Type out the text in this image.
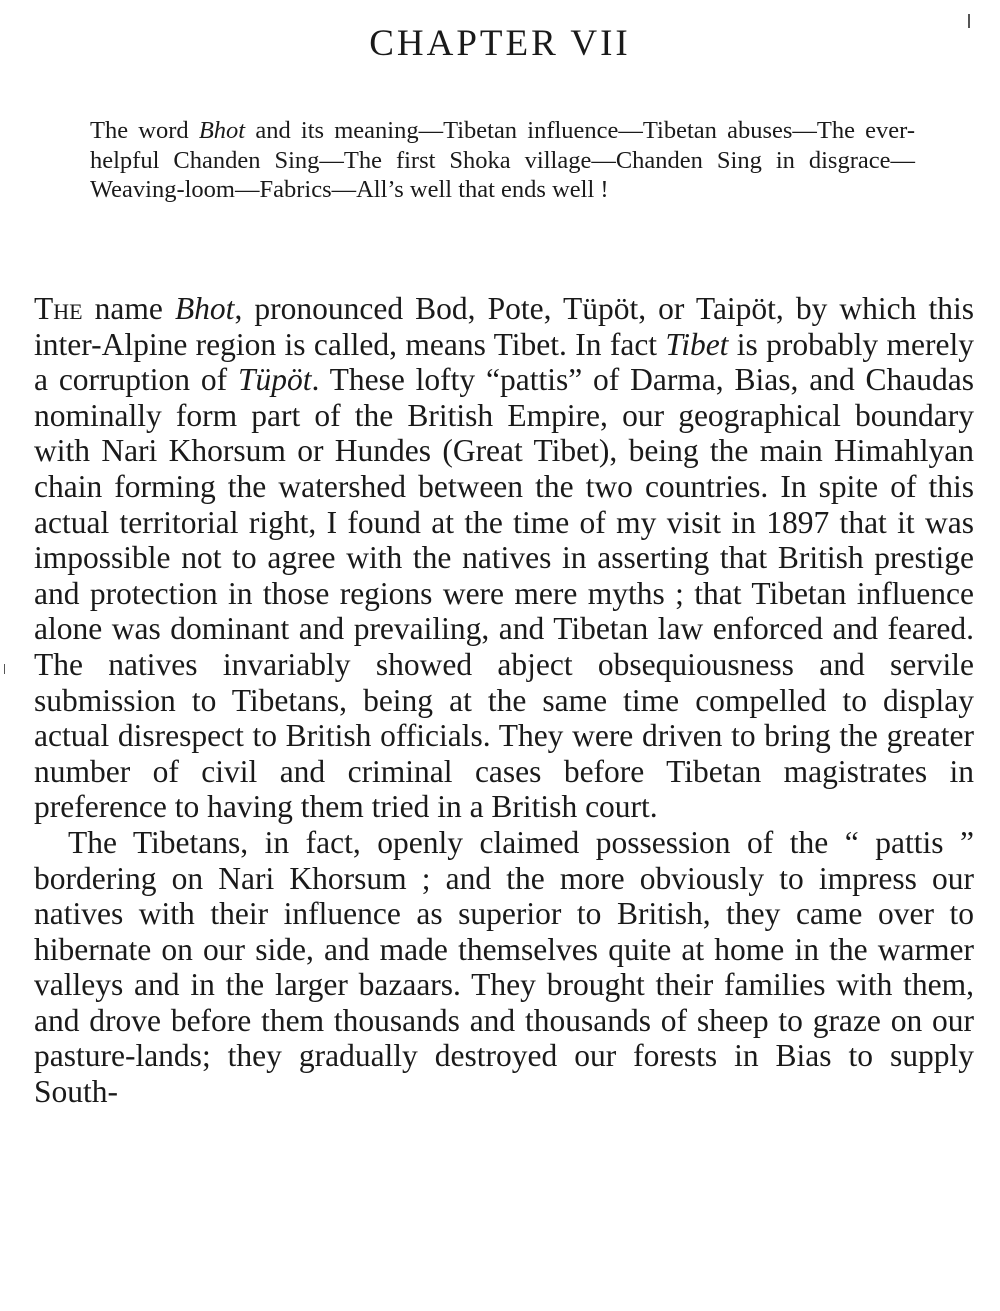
CHAPTER VII

The word Bhot and its meaning—Tibetan influence—Tibetan abuses—The ever-helpful Chanden Sing—The first Shoka village—Chanden Sing in disgrace—Weaving-loom—Fabrics—All’s well that ends well !

The name Bhot, pronounced Bod, Pote, Tüpöt, or Taipöt, by which this inter-Alpine region is called, means Tibet. In fact Tibet is probably merely a corruption of Tüpöt. These lofty “pattis” of Darma, Bias, and Chaudas nominally form part of the British Empire, our geographical boundary with Nari Khorsum or Hundes (Great Tibet), being the main Himahlyan chain forming the watershed between the two countries. In spite of this actual territorial right, I found at the time of my visit in 1897 that it was impossible not to agree with the natives in asserting that British prestige and protection in those regions were mere myths ; that Tibetan influence alone was dominant and prevailing, and Tibetan law enforced and feared. The natives invariably showed abject obsequiousness and servile submission to Tibetans, being at the same time compelled to display actual disrespect to British officials. They were driven to bring the greater number of civil and criminal cases before Tibetan magistrates in preference to having them tried in a British court.

The Tibetans, in fact, openly claimed possession of the “ pattis ” bordering on Nari Khorsum ; and the more obviously to impress our natives with their influence as superior to British, they came over to hibernate on our side, and made themselves quite at home in the warmer valleys and in the larger bazaars. They brought their families with them, and drove before them thousands and thousands of sheep to graze on our pasture-lands; they gradually destroyed our forests in Bias to supply South-
